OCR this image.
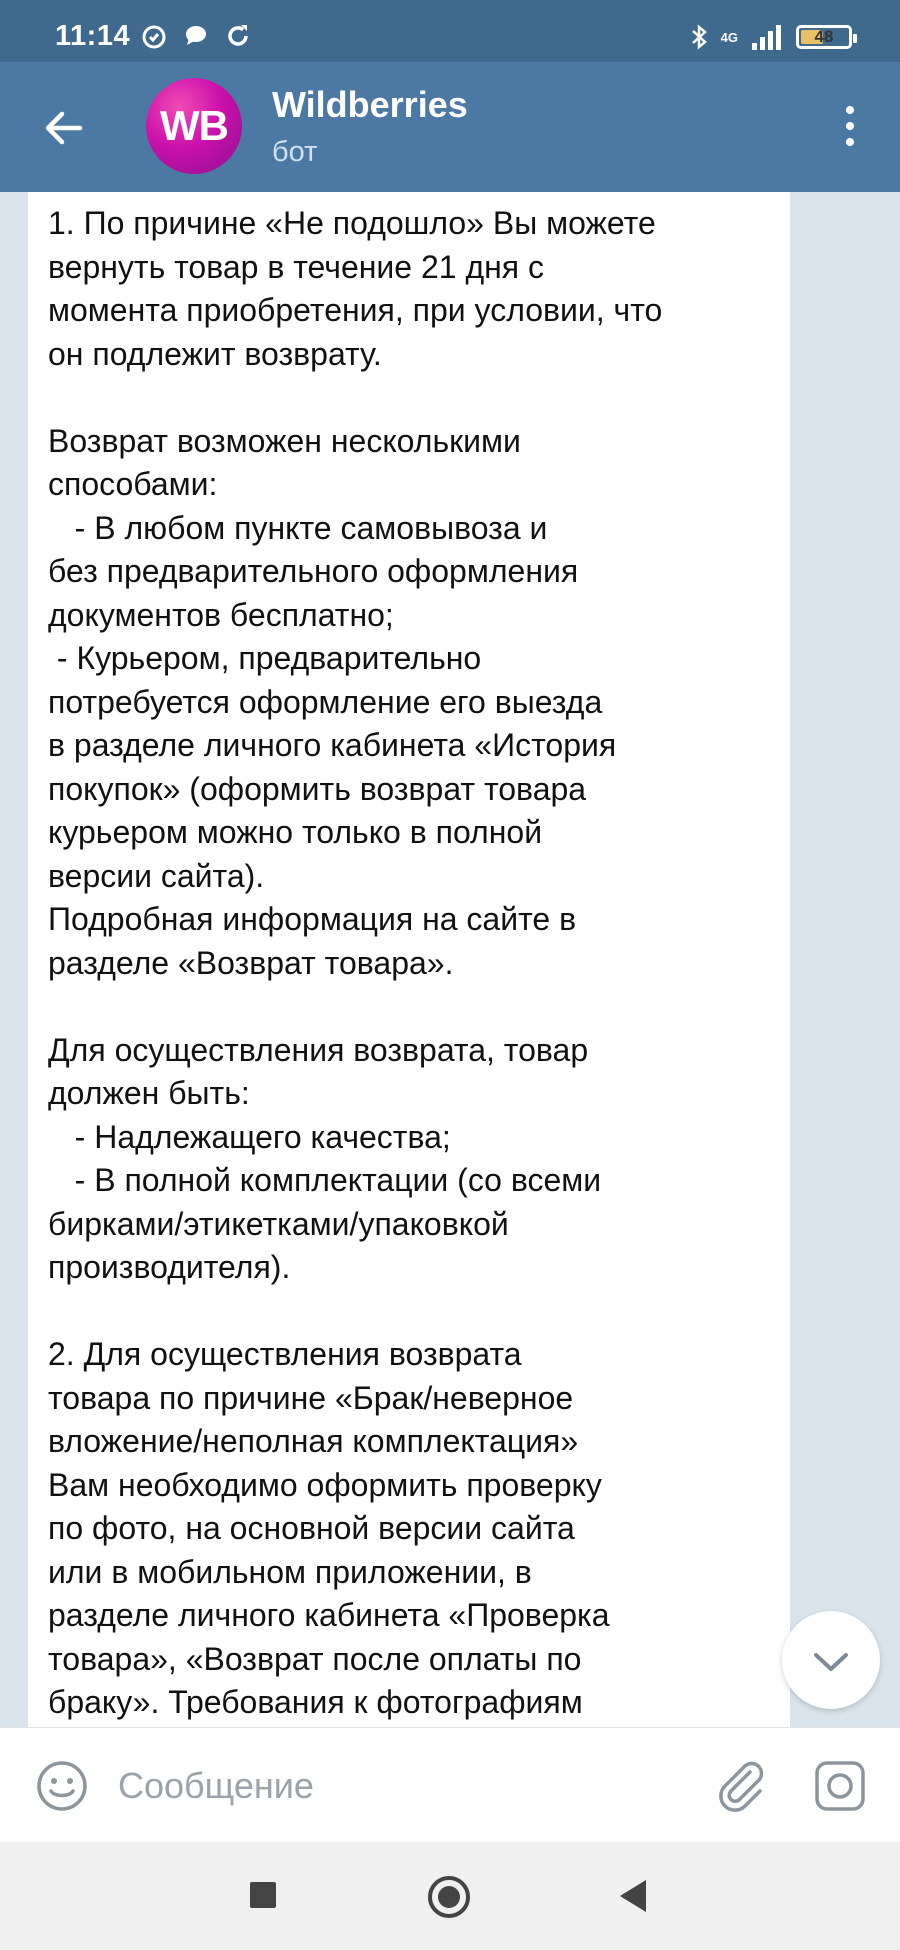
11:14	4G	48
WB Wildberries
бот
1. По причине «Не подошло» Вы можете
вернуть товар в течение 21 дня с
момента приобретения, при условии, что
он подлежит возврату.

Возврат возможен несколькими
способами:
- В любом пункте самовывоза и
без предварительного оформления
документов бесплатно;
- Курьером, предварительно
потребуется оформление его выезда
в разделе личного кабинета «История
покупок» (оформить возврат товара
курьером можно только в полной
версии сайта).
Подробная информация на сайте в
разделе «Возврат товара».

Для осуществления возврата, товар
должен быть:
- Надлежащего качества;
- В полной комплектации (со всеми
бирками/этикетками/упаковкой
производителя).

2. Для осуществления возврата
товара по причине «Брак/неверное
вложение/неполная комплектация»
Вам необходимо оформить проверку
по фото, на основной версии сайта
или в мобильном приложении, в
разделе личного кабинета «Проверка
товара», «Возврат после оплаты по
браку». Требования к фотографиям
Сообщение
